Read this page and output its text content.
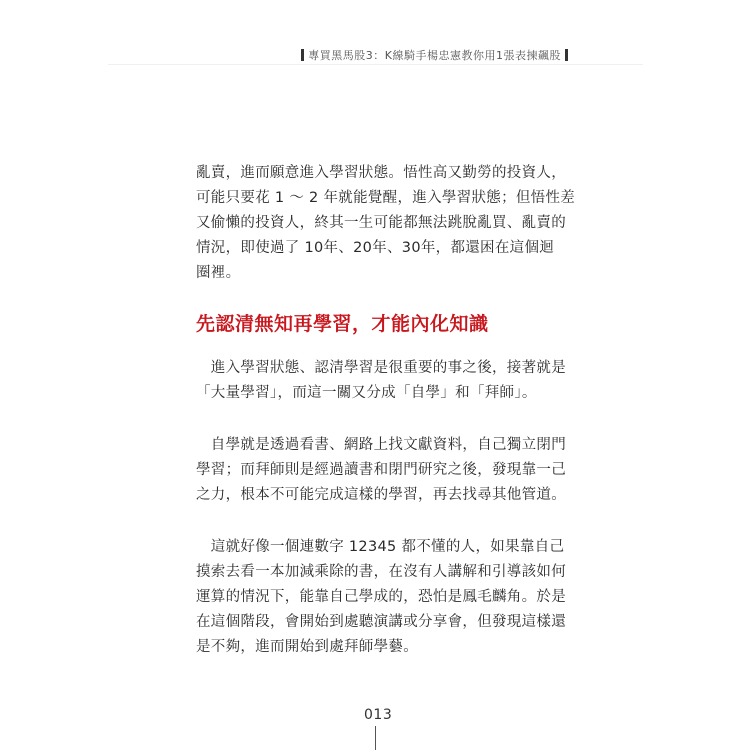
專買黑馬股3：K線騎手楊忠憲教你用1張表揀飆股

亂賣，進而願意進入學習狀態。悟性高又勤勞的投資人，

可能只要花 1 ～ 2 年就能覺醒，進入學習狀態；但悟性差

又偷懶的投資人，終其一生可能都無法跳脫亂買、亂賣的

情況，即使過了 10年、20年、30年，都還困在這個迴

圈裡。

先認清無知再學習，才能內化知識

　進入學習狀態、認清學習是很重要的事之後，接著就是

「大量學習」，而這一關又分成「自學」和「拜師」。

　自學就是透過看書、網路上找文獻資料，自己獨立閉門

學習；而拜師則是經過讀書和閉門研究之後，發現靠一己

之力，根本不可能完成這樣的學習，再去找尋其他管道。

　這就好像一個連數字 12345 都不懂的人，如果靠自己

摸索去看一本加減乘除的書，在沒有人講解和引導該如何

運算的情況下，能靠自己學成的，恐怕是鳳毛麟角。於是

在這個階段，會開始到處聽演講或分享會，但發現這樣還

是不夠，進而開始到處拜師學藝。

013
